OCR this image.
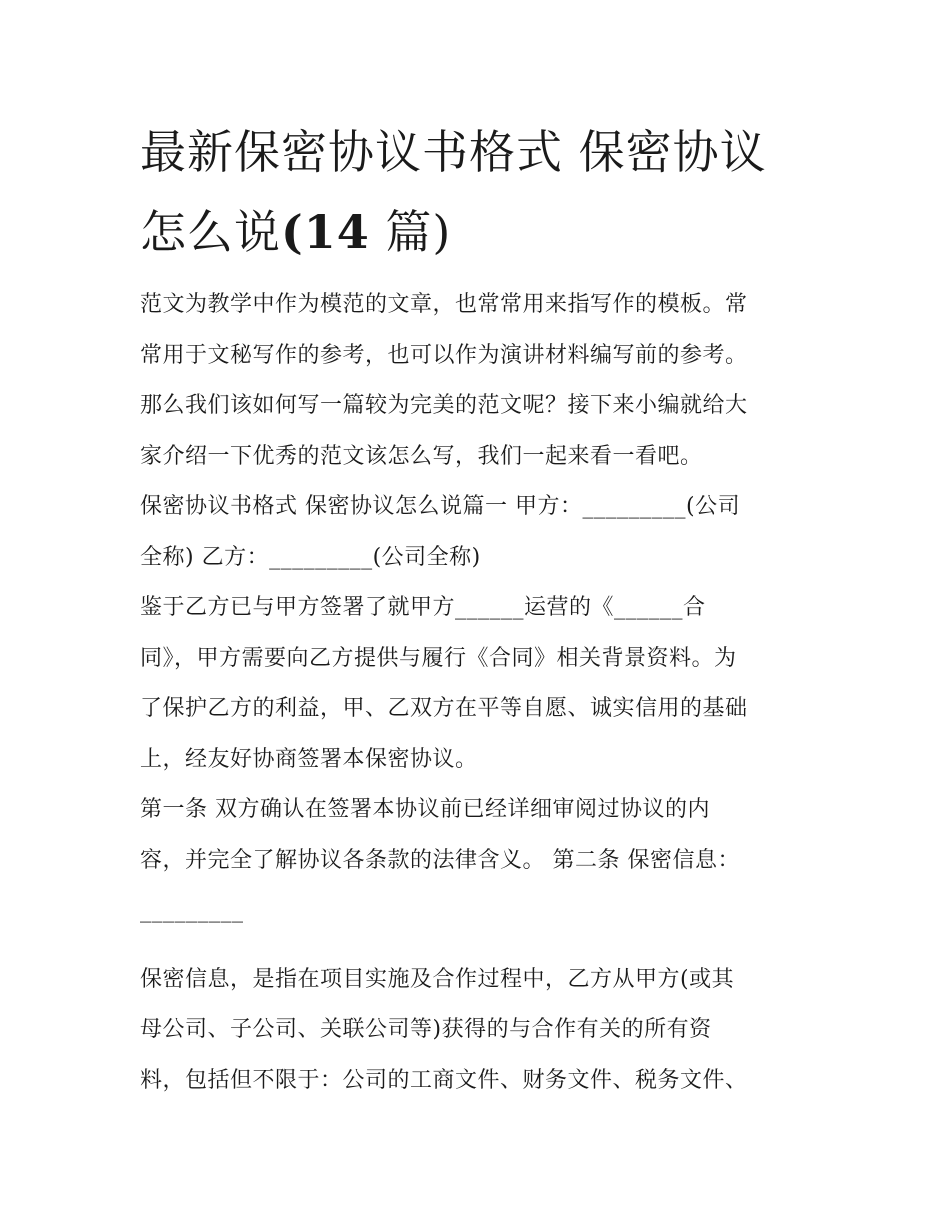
最新保密协议书格式 保密协议
怎么说(14 篇)

范文为教学中作为模范的文章，也常常用来指写作的模板。常

常用于文秘写作的参考，也可以作为演讲材料编写前的参考。

那么我们该如何写一篇较为完美的范文呢？接下来小编就给大

家介绍一下优秀的范文该怎么写，我们一起来看一看吧。

保密协议书格式 保密协议怎么说篇一 甲方：_________(公司

全称) 乙方：_________(公司全称)

鉴于乙方已与甲方签署了就甲方______运营的《______合

同》，甲方需要向乙方提供与履行《合同》相关背景资料。为

了保护乙方的利益，甲、乙双方在平等自愿、诚实信用的基础

上，经友好协商签署本保密协议。

第一条 双方确认在签署本协议前已经详细审阅过协议的内

容，并完全了解协议各条款的法律含义。 第二条 保密信息：

_________

保密信息，是指在项目实施及合作过程中，乙方从甲方(或其

母公司、子公司、关联公司等)获得的与合作有关的所有资

料，包括但不限于：公司的工商文件、财务文件、税务文件、
